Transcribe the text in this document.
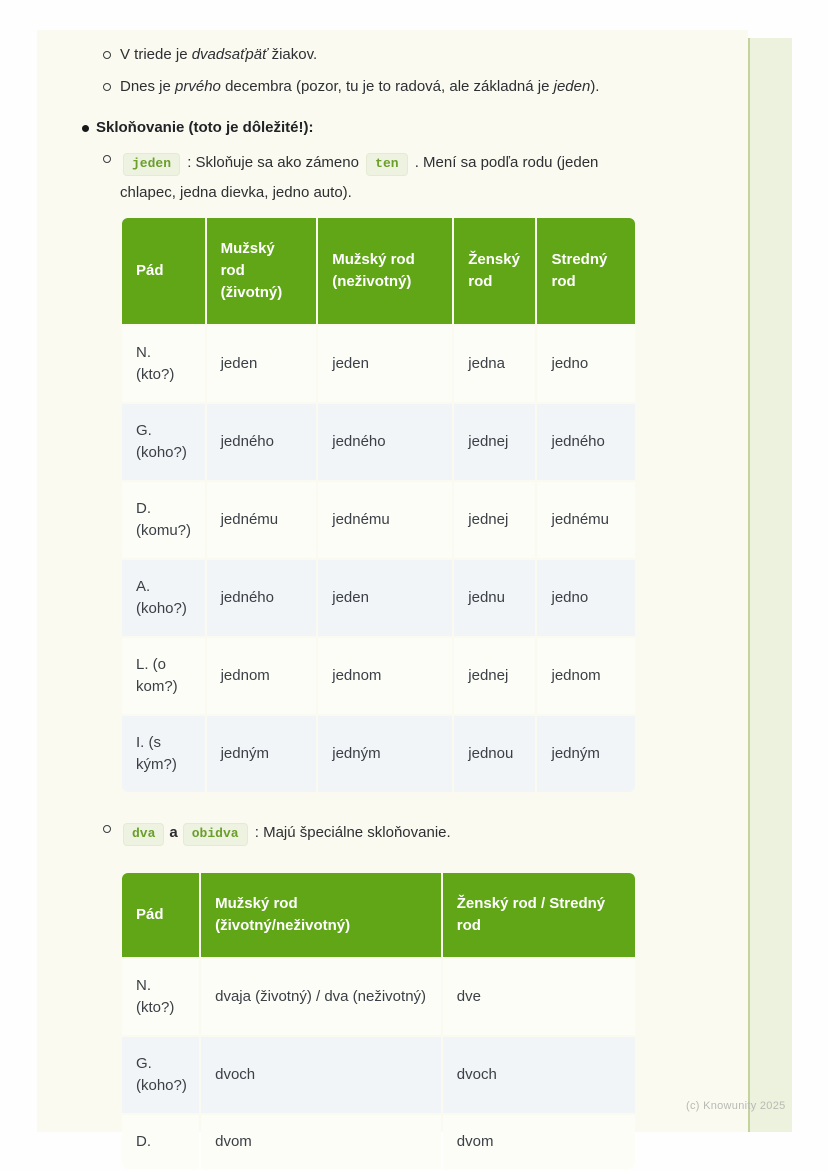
V triede je dvadsaťpäť žiakov.
Dnes je prvého decembra (pozor, tu je to radová, ale základná je jeden).
Skloňovanie (toto je dôležité!):
jeden : Skloňuje sa ako zámeno ten . Mení sa podľa rodu (jeden
chlapec, jedna dievka, jedno auto).
Pád	Mužský rod (životný)	Mužský rod (neživotný)	Ženský rod	Stredný rod
N. (kto?)	jeden	jeden	jedna	jedno
G. (koho?)	jedného	jedného	jednej	jedného
D. (komu?)	jednému	jednému	jednej	jednému
A. (koho?)	jedného	jeden	jednu	jedno
L. (o kom?)	jednom	jednom	jednej	jednom
I. (s kým?)	jedným	jedným	jednou	jedným
dva a obidva : Majú špeciálne skloňovanie.
Pád	Mužský rod (životný/neživotný)	Ženský rod / Stredný rod
N. (kto?)	dvaja (životný) / dva (neživotný)	dve
G. (koho?)	dvoch	dvoch
D.	dvom	dvom
(c) Knowunity 2025
